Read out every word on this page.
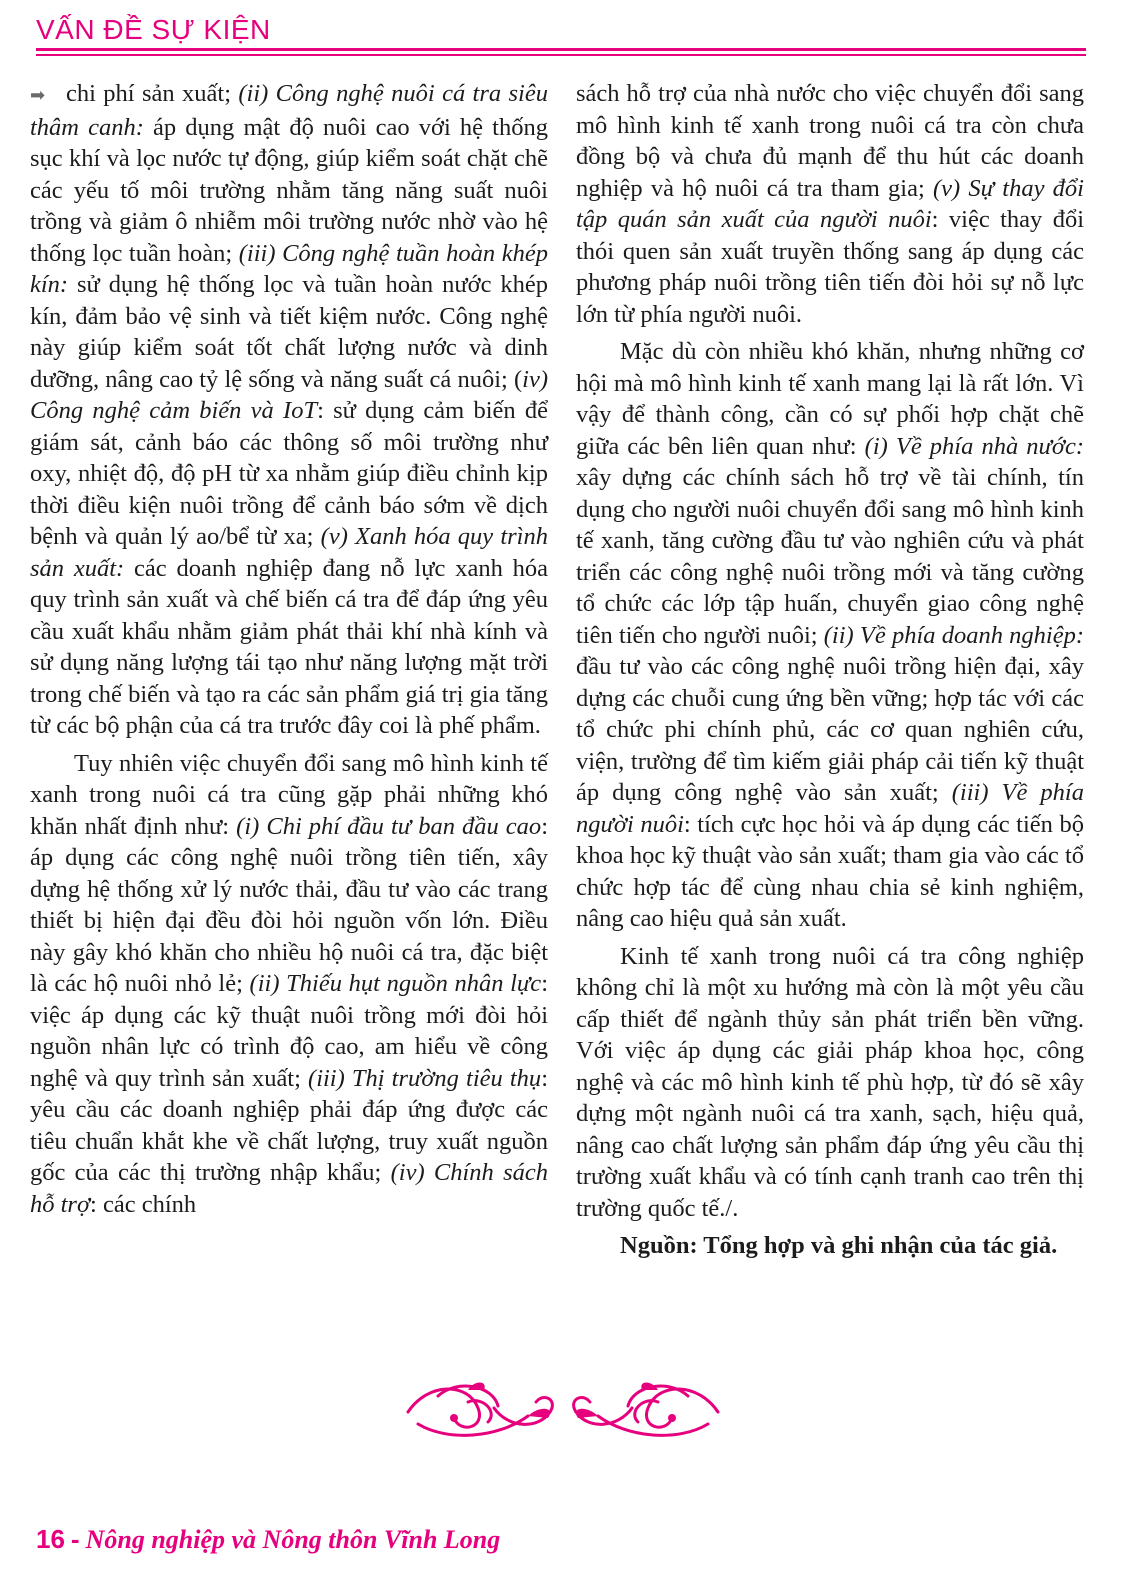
VẤN ĐỀ SỰ KIỆN

➡ chi phí sản xuất; (ii) Công nghệ nuôi cá tra siêu thâm canh: áp dụng mật độ nuôi cao với hệ thống sục khí và lọc nước tự động, giúp kiểm soát chặt chẽ các yếu tố môi trường nhằm tăng năng suất nuôi trồng và giảm ô nhiễm môi trường nước nhờ vào hệ thống lọc tuần hoàn; (iii) Công nghệ tuần hoàn khép kín: sử dụng hệ thống lọc và tuần hoàn nước khép kín, đảm bảo vệ sinh và tiết kiệm nước. Công nghệ này giúp kiểm soát tốt chất lượng nước và dinh dưỡng, nâng cao tỷ lệ sống và năng suất cá nuôi; (iv) Công nghệ cảm biến và IoT: sử dụng cảm biến để giám sát, cảnh báo các thông số môi trường như oxy, nhiệt độ, độ pH từ xa nhằm giúp điều chỉnh kịp thời điều kiện nuôi trồng để cảnh báo sớm về dịch bệnh và quản lý ao/bể từ xa; (v) Xanh hóa quy trình sản xuất: các doanh nghiệp đang nỗ lực xanh hóa quy trình sản xuất và chế biến cá tra để đáp ứng yêu cầu xuất khẩu nhằm giảm phát thải khí nhà kính và sử dụng năng lượng tái tạo như năng lượng mặt trời trong chế biến và tạo ra các sản phẩm giá trị gia tăng từ các bộ phận của cá tra trước đây coi là phế phẩm.

Tuy nhiên việc chuyển đổi sang mô hình kinh tế xanh trong nuôi cá tra cũng gặp phải những khó khăn nhất định như: (i) Chi phí đầu tư ban đầu cao: áp dụng các công nghệ nuôi trồng tiên tiến, xây dựng hệ thống xử lý nước thải, đầu tư vào các trang thiết bị hiện đại đều đòi hỏi nguồn vốn lớn. Điều này gây khó khăn cho nhiều hộ nuôi cá tra, đặc biệt là các hộ nuôi nhỏ lẻ; (ii) Thiếu hụt nguồn nhân lực: việc áp dụng các kỹ thuật nuôi trồng mới đòi hỏi nguồn nhân lực có trình độ cao, am hiểu về công nghệ và quy trình sản xuất; (iii) Thị trường tiêu thụ: yêu cầu các doanh nghiệp phải đáp ứng được các tiêu chuẩn khắt khe về chất lượng, truy xuất nguồn gốc của các thị trường nhập khẩu; (iv) Chính sách hỗ trợ: các chính

sách hỗ trợ của nhà nước cho việc chuyển đổi sang mô hình kinh tế xanh trong nuôi cá tra còn chưa đồng bộ và chưa đủ mạnh để thu hút các doanh nghiệp và hộ nuôi cá tra tham gia; (v) Sự thay đổi tập quán sản xuất của người nuôi: việc thay đổi thói quen sản xuất truyền thống sang áp dụng các phương pháp nuôi trồng tiên tiến đòi hỏi sự nỗ lực lớn từ phía người nuôi.

Mặc dù còn nhiều khó khăn, nhưng những cơ hội mà mô hình kinh tế xanh mang lại là rất lớn. Vì vậy để thành công, cần có sự phối hợp chặt chẽ giữa các bên liên quan như: (i) Về phía nhà nước: xây dựng các chính sách hỗ trợ về tài chính, tín dụng cho người nuôi chuyển đổi sang mô hình kinh tế xanh, tăng cường đầu tư vào nghiên cứu và phát triển các công nghệ nuôi trồng mới và tăng cường tổ chức các lớp tập huấn, chuyển giao công nghệ tiên tiến cho người nuôi; (ii) Về phía doanh nghiệp: đầu tư vào các công nghệ nuôi trồng hiện đại, xây dựng các chuỗi cung ứng bền vững; hợp tác với các tổ chức phi chính phủ, các cơ quan nghiên cứu, viện, trường để tìm kiếm giải pháp cải tiến kỹ thuật áp dụng công nghệ vào sản xuất; (iii) Về phía người nuôi: tích cực học hỏi và áp dụng các tiến bộ khoa học kỹ thuật vào sản xuất; tham gia vào các tổ chức hợp tác để cùng nhau chia sẻ kinh nghiệm, nâng cao hiệu quả sản xuất.

Kinh tế xanh trong nuôi cá tra công nghiệp không chỉ là một xu hướng mà còn là một yêu cầu cấp thiết để ngành thủy sản phát triển bền vững. Với việc áp dụng các giải pháp khoa học, công nghệ và các mô hình kinh tế phù hợp, từ đó sẽ xây dựng một ngành nuôi cá tra xanh, sạch, hiệu quả, nâng cao chất lượng sản phẩm đáp ứng yêu cầu thị trường xuất khẩu và có tính cạnh tranh cao trên thị trường quốc tế./.

Nguồn: Tổng hợp và ghi nhận của tác giả.

16 - Nông nghiệp và Nông thôn Vĩnh Long
